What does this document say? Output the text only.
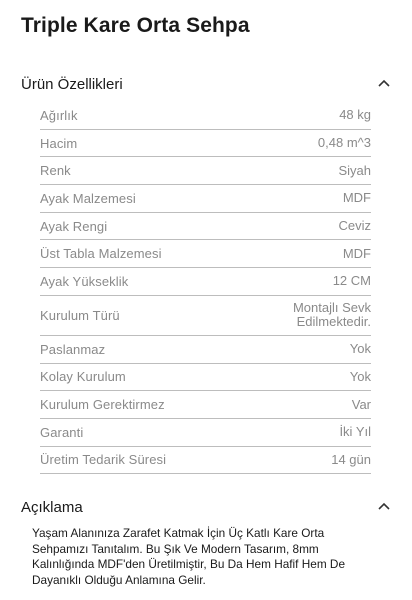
Triple Kare Orta Sehpa
Ürün Özellikleri
Ağırlık	48 kg
Hacim	0,48 m^3
Renk	Siyah
Ayak Malzemesi	MDF
Ayak Rengi	Ceviz
Üst Tabla Malzemesi	MDF
Ayak Yükseklik	12 CM
Kurulum Türü	Montajlı Sevk Edilmektedir.
Paslanmaz	Yok
Kolay Kurulum	Yok
Kurulum Gerektirmez	Var
Garanti	İki Yıl
Üretim Tedarik Süresi	14 gün
Açıklama
Yaşam Alanınıza Zarafet Katmak İçin Üç Katlı Kare Orta Sehpamızı Tanıtalım. Bu Şık Ve Modern Tasarım, 8mm Kalınlığında MDF'den Üretilmiştir, Bu Da Hem Hafif Hem De Dayanıklı Olduğu Anlamına Gelir.
